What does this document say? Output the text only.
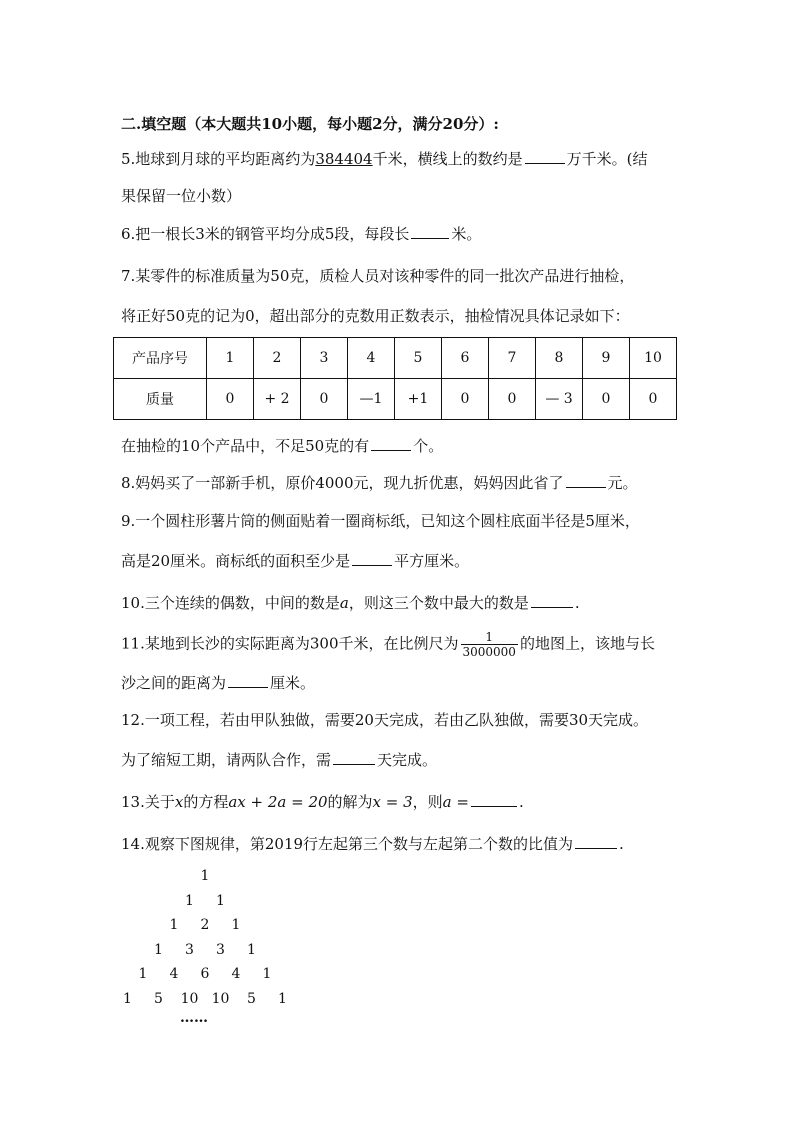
二.填空题（本大题共10小题，每小题2分，满分20分）:
5.地球到月球的平均距离约为384404千米，横线上的数约是	万千米。(结
果保留一位小数）
6.把一根长3米的钢管平均分成5段，每段长	米。
7.某零件的标准质量为50克，质检人员对该种零件的同一批次产品进行抽检，
将正好50克的记为0，超出部分的克数用正数表示，抽检情况具体记录如下：
产品序号	1	2	3	4	5	6	7	8	9	10
质量	0	+ 2	0	—1	+1	0	0	— 3	0	0
在抽检的10个产品中，不足50克的有	个。
8.妈妈买了一部新手机，原价4000元，现九折优惠，妈妈因此省了	元。
9.一个圆柱形薯片筒的侧面贴着一圈商标纸，已知这个圆柱底面半径是5厘米，
高是20厘米。商标纸的面积至少是	平方厘米。
10.三个连续的偶数，中间的数是a，则这三个数中最大的数是	.
11.某地到长沙的实际距离为300千米，在比例尺为 $\frac{1}{3000000}$ 的地图上，该地与长
沙之间的距离为	厘米。
12.一项工程，若由甲队独做，需要20天完成，若由乙队独做，需要30天完成。
为了缩短工期，请两队合作，需	天完成。
13.关于x的方程ax + 2a = 20的解为x = 3，则a =	.
14.观察下图规律，第2019行左起第三个数与左起第二个数的比值为	.
1
1 1
1 2 1
1 3 3 1
1 4 6 4 1
1 5 10 10 5 1
……
